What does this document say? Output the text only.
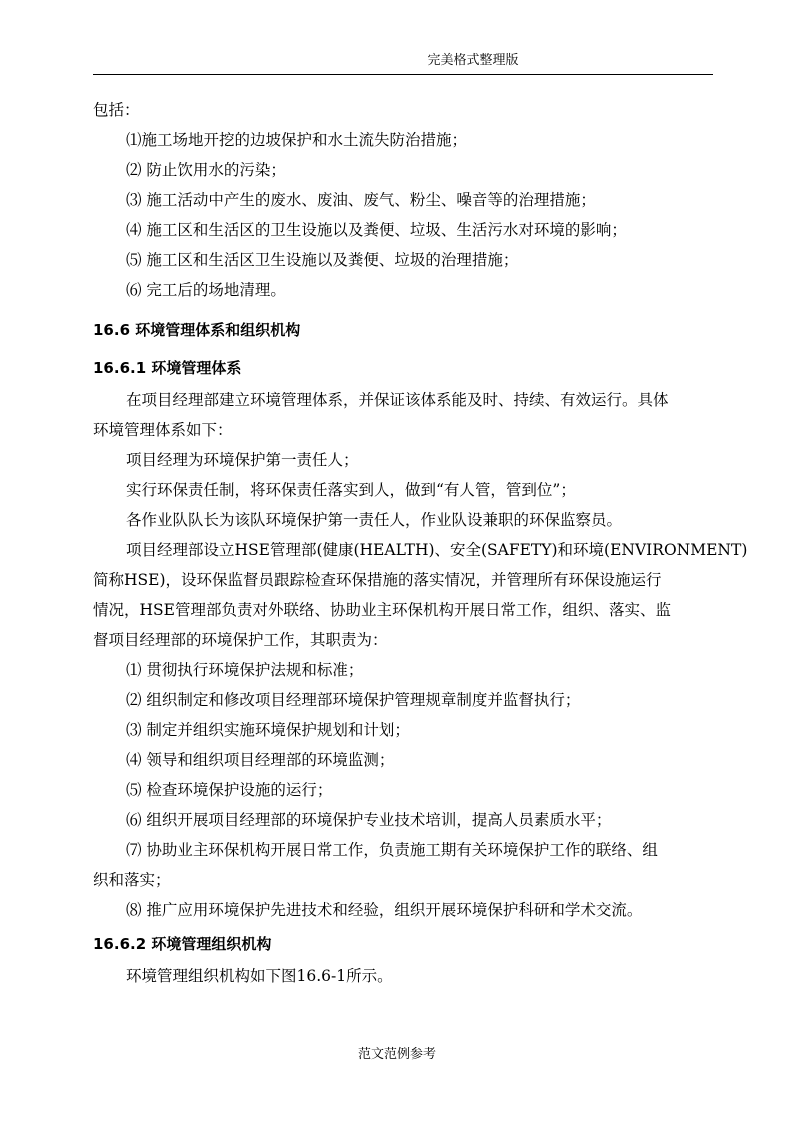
完美格式整理版
包括：
⑴施工场地开挖的边坡保护和水土流失防治措施；
⑵ 防止饮用水的污染；
⑶ 施工活动中产生的废水、废油、废气、粉尘、噪音等的治理措施；
⑷ 施工区和生活区的卫生设施以及粪便、垃圾、生活污水对环境的影响；
⑸ 施工区和生活区卫生设施以及粪便、垃圾的治理措施；
⑹ 完工后的场地清理。
16.6 环境管理体系和组织机构
16.6.1 环境管理体系
在项目经理部建立环境管理体系，并保证该体系能及时、持续、有效运行。具体
环境管理体系如下：
项目经理为环境保护第一责任人；
实行环保责任制，将环保责任落实到人，做到“有人管，管到位”；
各作业队队长为该队环境保护第一责任人，作业队设兼职的环保监察员。
项目经理部设立HSE管理部(健康(HEALTH)、安全(SAFETY)和环境(ENVIRONMENT)
简称HSE)，设环保监督员跟踪检查环保措施的落实情况，并管理所有环保设施运行
情况，HSE管理部负责对外联络、协助业主环保机构开展日常工作，组织、落实、监
督项目经理部的环境保护工作，其职责为：
⑴ 贯彻执行环境保护法规和标准；
⑵ 组织制定和修改项目经理部环境保护管理规章制度并监督执行；
⑶ 制定并组织实施环境保护规划和计划；
⑷ 领导和组织项目经理部的环境监测；
⑸ 检查环境保护设施的运行；
⑹ 组织开展项目经理部的环境保护专业技术培训，提高人员素质水平；
⑺ 协助业主环保机构开展日常工作，负责施工期有关环境保护工作的联络、组
织和落实；
⑻ 推广应用环境保护先进技术和经验，组织开展环境保护科研和学术交流。
16.6.2 环境管理组织机构
环境管理组织机构如下图16.6-1所示。
范文范例参考
